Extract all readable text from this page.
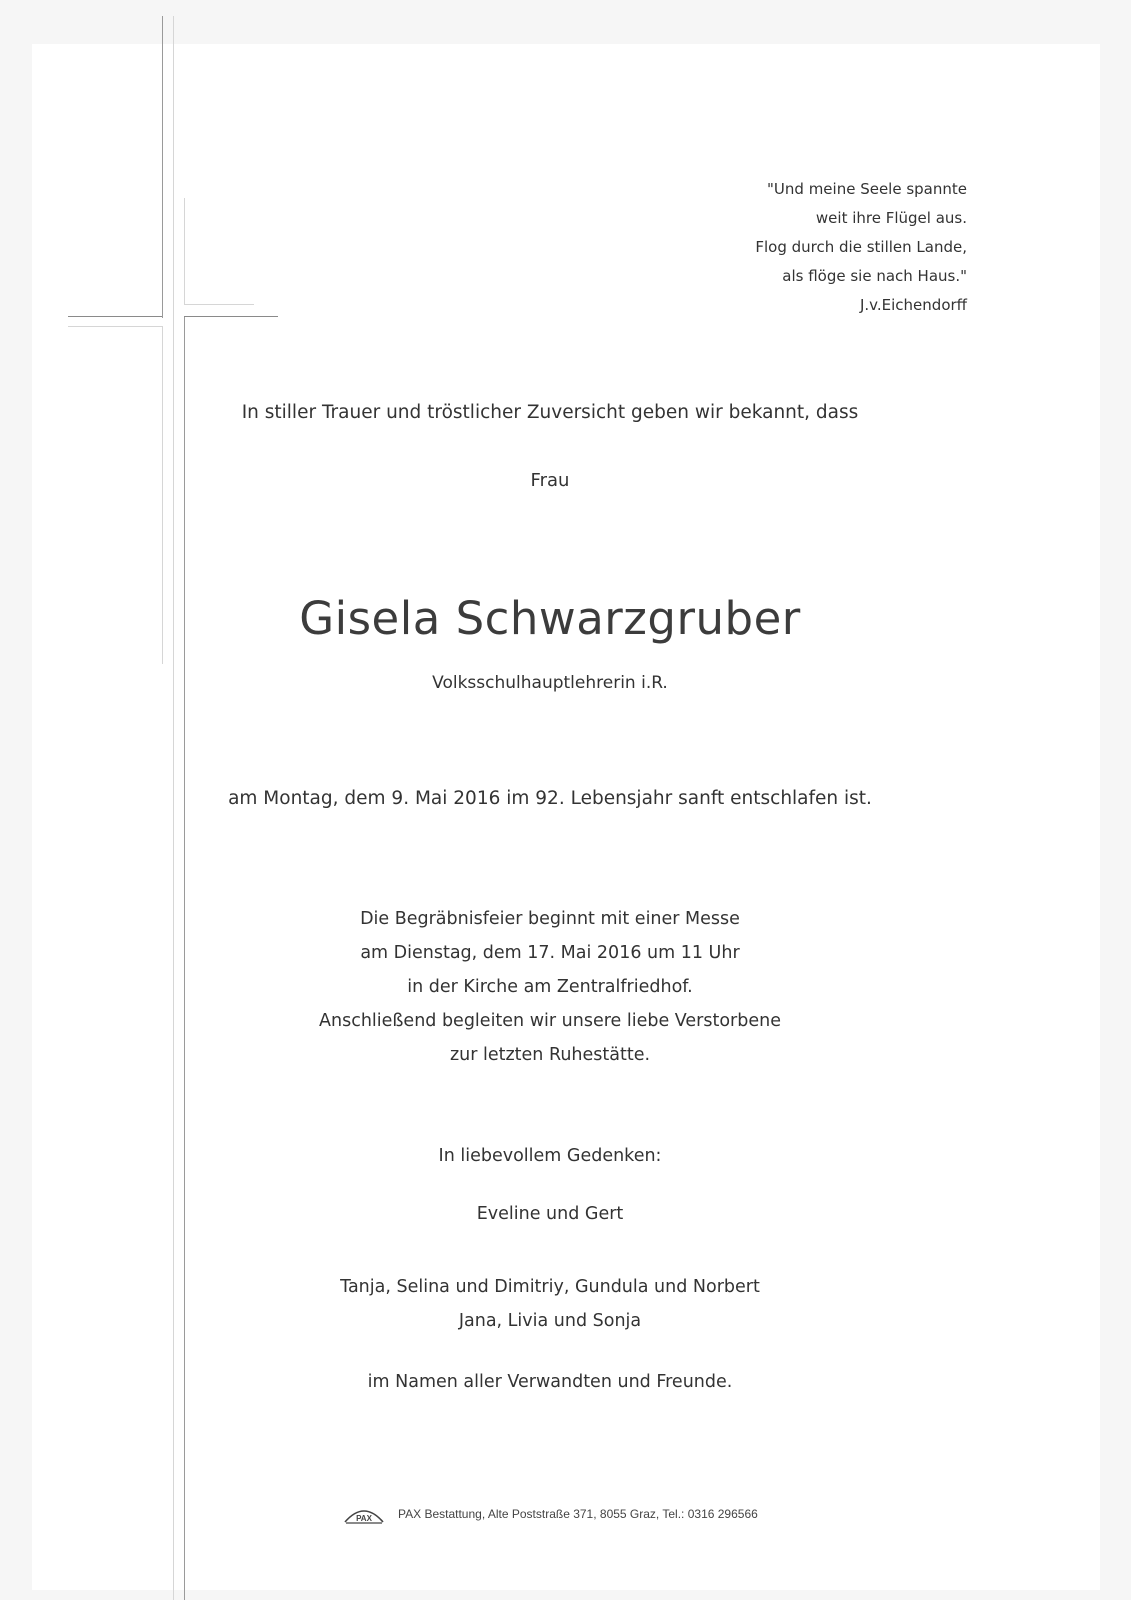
"Und meine Seele spannte
weit ihre Flügel aus.
Flog durch die stillen Lande,
als flöge sie nach Haus."
J.v.Eichendorff
In stiller Trauer und tröstlicher Zuversicht geben wir bekannt, dass
Frau
Gisela Schwarzgruber
Volksschulhauptlehrerin i.R.
am Montag, dem 9. Mai 2016 im 92. Lebensjahr sanft entschlafen ist.
Die Begräbnisfeier beginnt mit einer Messe
am Dienstag, dem 17. Mai 2016 um 11 Uhr
in der Kirche am Zentralfriedhof.
Anschließend begleiten wir unsere liebe Verstorbene
zur letzten Ruhestätte.
In liebevollem Gedenken:
Eveline und Gert
Tanja, Selina und Dimitriy, Gundula und Norbert
Jana, Livia und Sonja
im Namen aller Verwandten und Freunde.
PAX PAX Bestattung, Alte Poststraße 371, 8055 Graz, Tel.: 0316 296566
